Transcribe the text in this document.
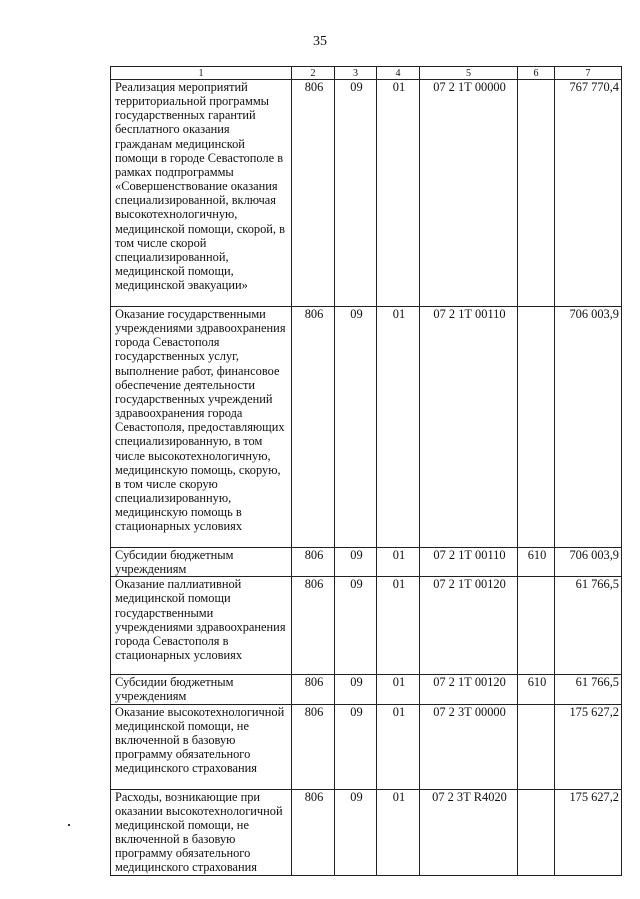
35
1	2	3	4	5	6	7
Реализация мероприятий территориальной программы государственных гарантий бесплатного оказания гражданам медицинской помощи в городе Севастополе в рамках подпрограммы «Совершенствование оказания специализированной, включая высокотехнологичную, медицинской помощи, скорой, в том числе скорой специализированной, медицинской помощи, медицинской эвакуации»	806	09	01	07 2 1Т 00000		767 770,4
Оказание государственными учреждениями здравоохранения города Севастополя государственных услуг, выполнение работ, финансовое обеспечение деятельности государственных учреждений здравоохранения города Севастополя, предоставляющих специализированную, в том числе высокотехнологичную, медицинскую помощь, скорую, в том числе скорую специализированную, медицинскую помощь в стационарных условиях	806	09	01	07 2 1Т 00110		706 003,9
Субсидии бюджетным учреждениям	806	09	01	07 2 1Т 00110	610	706 003,9
Оказание паллиативной медицинской помощи государственными учреждениями здравоохранения города Севастополя в стационарных условиях	806	09	01	07 2 1Т 00120		61 766,5
Субсидии бюджетным учреждениям	806	09	01	07 2 1Т 00120	610	61 766,5
Оказание высокотехнологичной медицинской помощи, не включенной в базовую программу обязательного медицинского страхования	806	09	01	07 2 3Т 00000		175 627,2
Расходы, возникающие при оказании высокотехнологичной медицинской помощи, не включенной в базовую программу обязательного медицинского страхования	806	09	01	07 2 3Т R4020		175 627,2
